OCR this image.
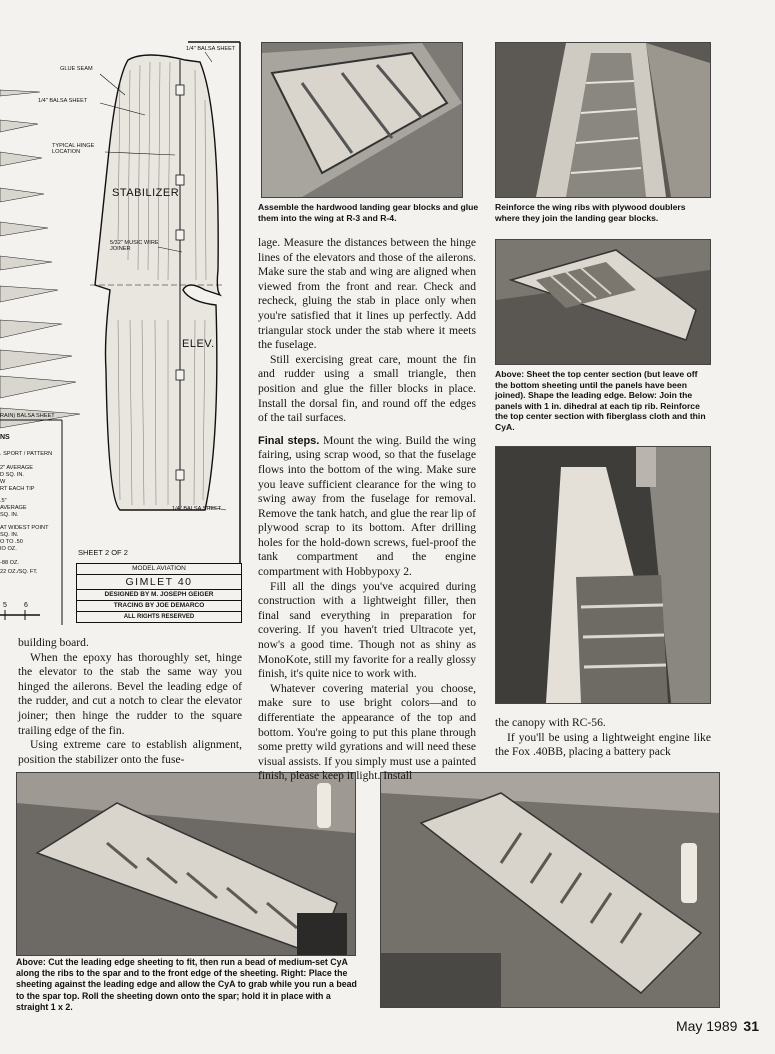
1/4" BALSA SHEET
GLUE SEAM
1/4" BALSA SHEET
TYPICAL HINGE LOCATION
STABILIZER
5/32" MUSIC WIRE JOINER
ELEV.
1/4" BALSA SHEET
RAIN) BALSA SHEET
NS
. SPORT / PATTERN
2" AVERAGE
D SQ. IN.
W
RT EACH TIP
.5"
AVERAGE
SQ. IN.
AT WIDEST POINT
SQ. IN.
O TO .50
IO OZ.
-88 OZ.
22 OZ./SQ. FT.
SHEET 2 OF 2
5 6
MODEL AVIATION
GIMLET 40
DESIGNED BY M. JOSEPH GEIGER
TRACING BY JOE DEMARCO
ALL RIGHTS RESERVED
Assemble the hardwood landing gear blocks and glue them into the wing at R-3 and R-4.
Reinforce the wing ribs with plywood doublers where they join the landing gear blocks.
Above: Sheet the top center section (but leave off the bottom sheeting until the panels have been joined). Shape the leading edge. Below: Join the panels with 1 in. dihedral at each tip rib. Reinforce the top center section with fiberglass cloth and thin CyA.
Above: Cut the leading edge sheeting to fit, then run a bead of medium-set CyA along the ribs to the spar and to the front edge of the sheeting. Right: Place the sheeting against the leading edge and allow the CyA to grab while you run a bead to the spar top. Roll the sheeting down onto the spar; hold it in place with a straight 1 x 2.

building board.

When the epoxy has thoroughly set, hinge the elevator to the stab the same way you hinged the ailerons. Bevel the leading edge of the rudder, and cut a notch to clear the elevator joiner; then hinge the rudder to the square trailing edge of the fin.

Using extreme care to establish alignment, position the stabilizer onto the fuse-

lage. Measure the distances between the hinge lines of the elevators and those of the ailerons. Make sure the stab and wing are aligned when viewed from the front and rear. Check and recheck, gluing the stab in place only when you're satisfied that it lines up perfectly. Add triangular stock under the stab where it meets the fuselage.

Still exercising great care, mount the fin and rudder using a small triangle, then position and glue the filler blocks in place. Install the dorsal fin, and round off the edges of the tail surfaces.

Final steps. Mount the wing. Build the wing fairing, using scrap wood, so that the fuselage flows into the bottom of the wing. Make sure you leave sufficient clearance for the wing to swing away from the fuselage for removal. Remove the tank hatch, and glue the rear lip of plywood scrap to its bottom. After drilling holes for the hold-down screws, fuel-proof the tank compartment and the engine compartment with Hobbypoxy 2.

Fill all the dings you've acquired during construction with a lightweight filler, then final sand everything in preparation for covering. If you haven't tried Ultracote yet, now's a good time. Though not as shiny as MonoKote, still my favorite for a really glossy finish, it's quite nice to work with.

Whatever covering material you choose, make sure to use bright colors—and to differentiate the appearance of the top and bottom. You're going to put this plane through some pretty wild gyrations and will need these visual assists. If you simply must use a painted finish, please keep it light. Install

the canopy with RC-56.

If you'll be using a lightweight engine like the Fox .40BB, placing a battery pack

May 1989 31
